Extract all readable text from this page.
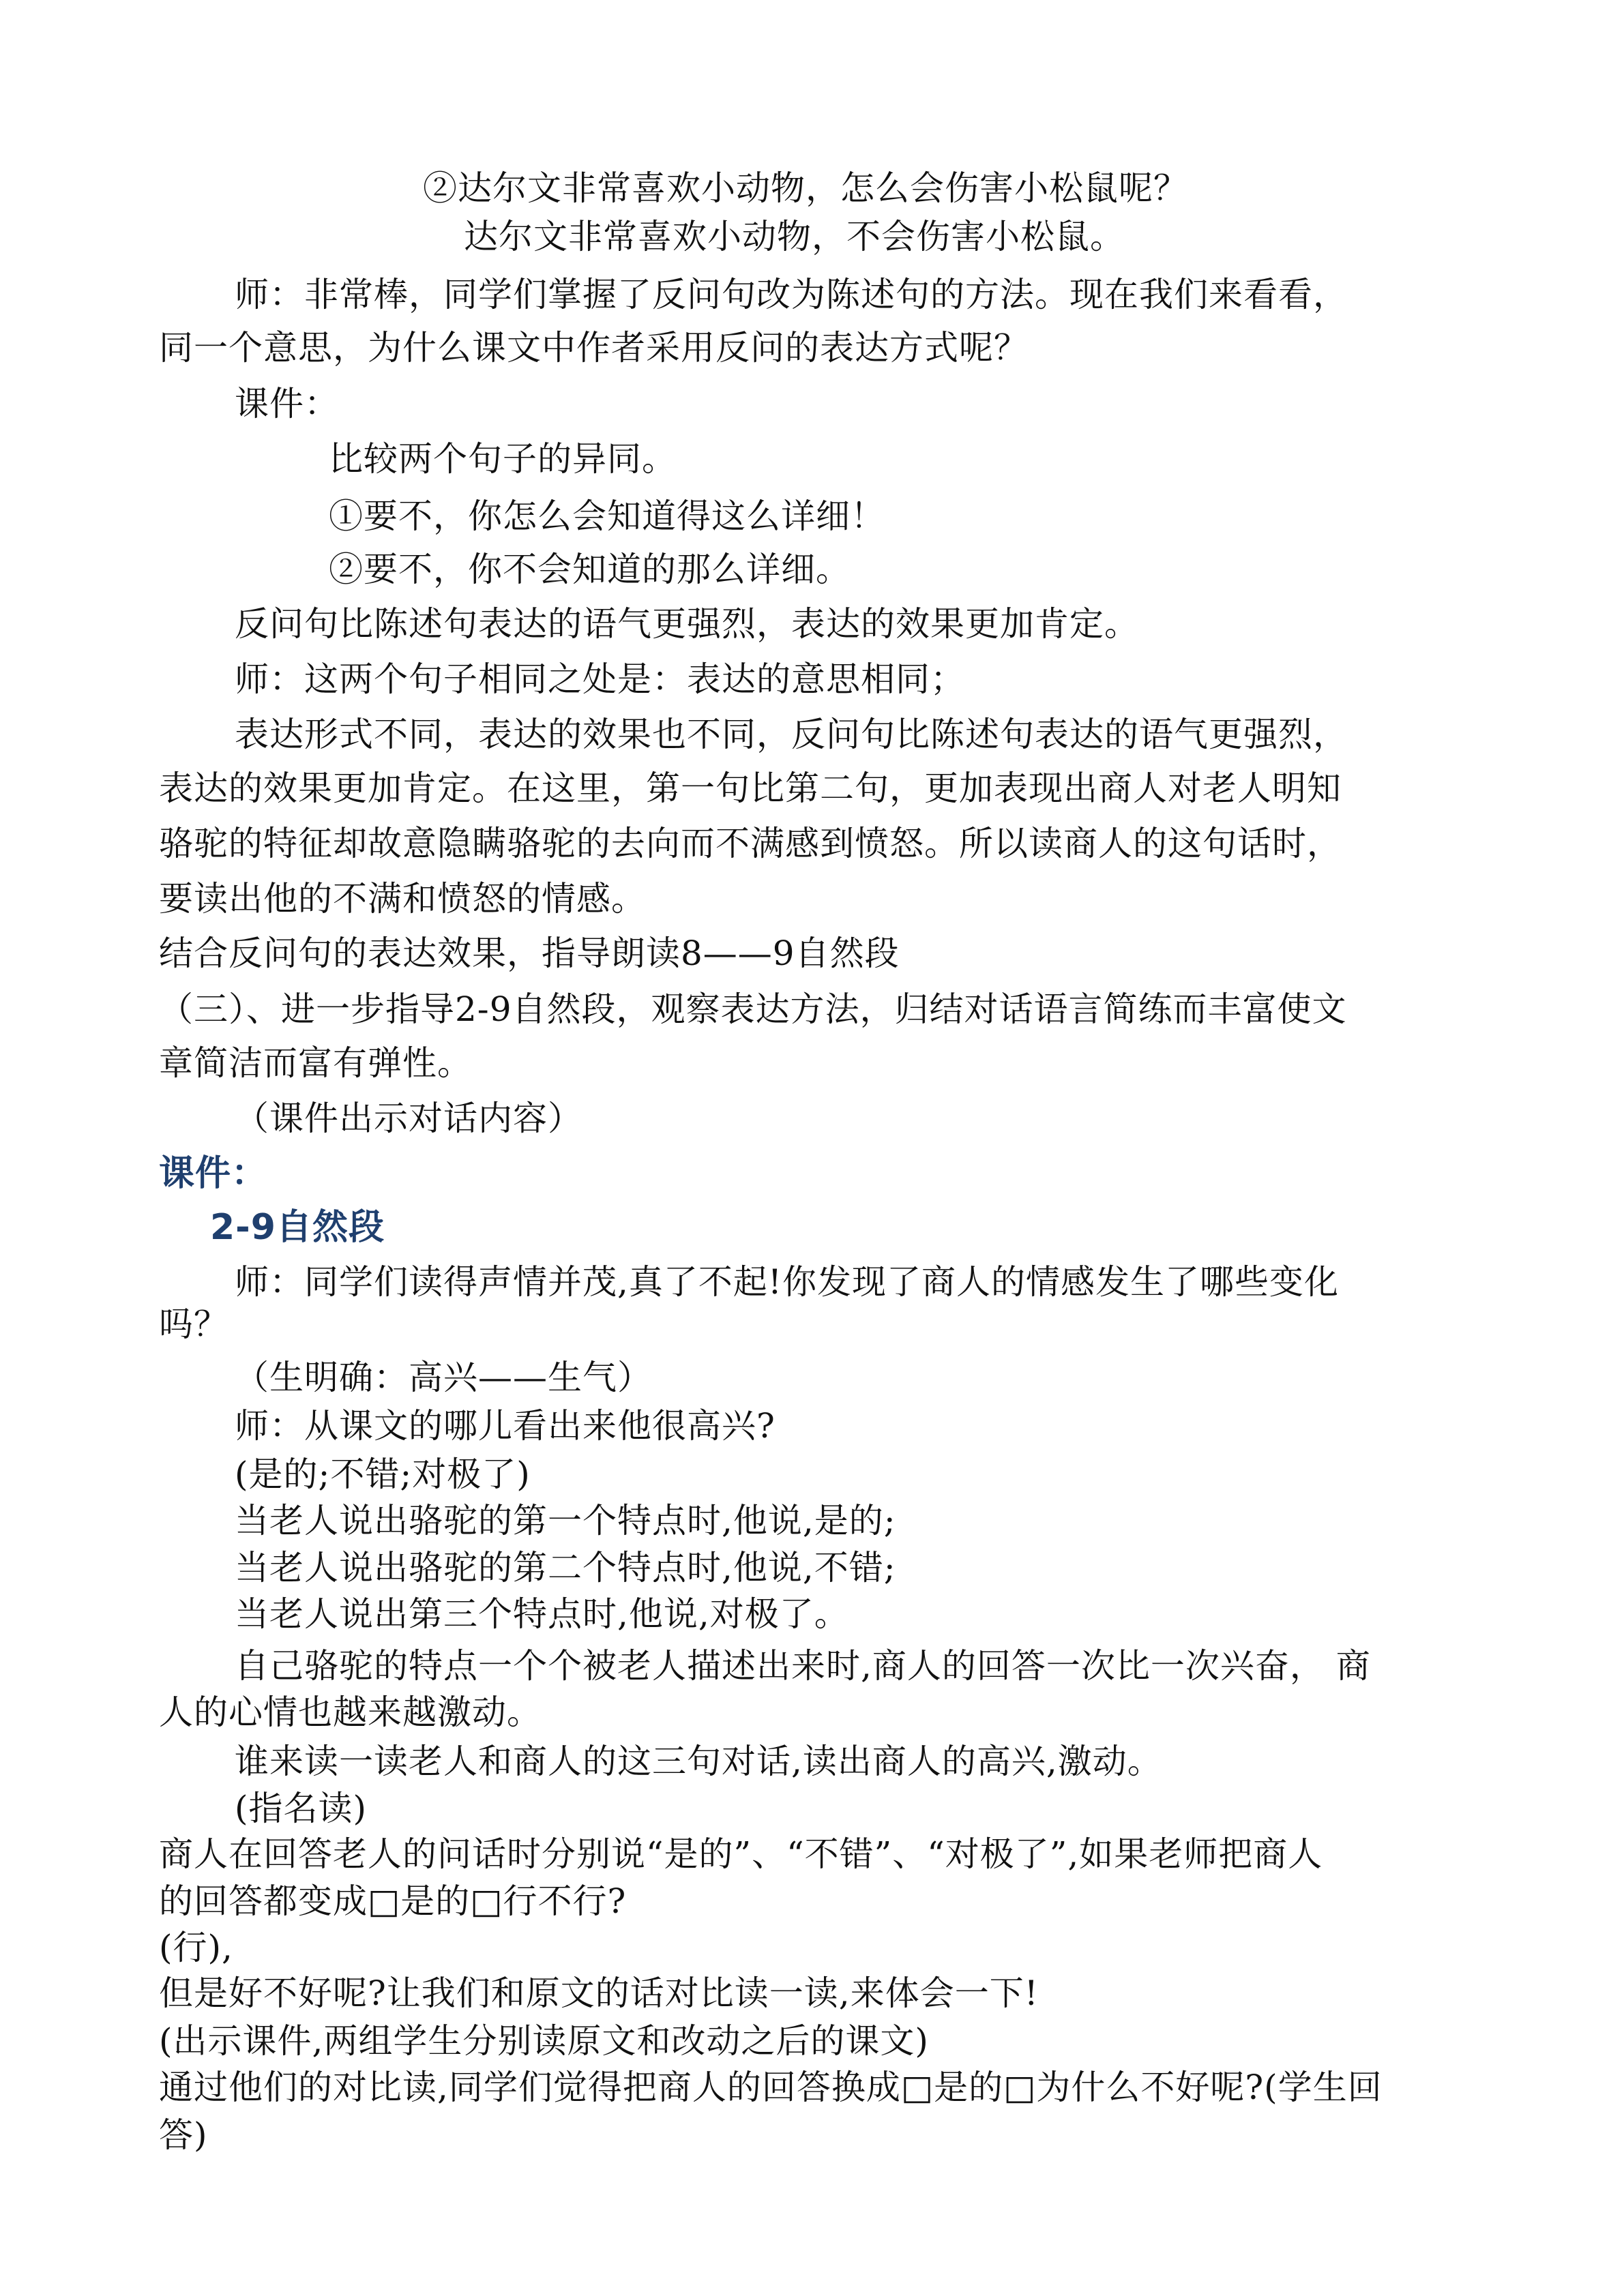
②达尔文非常喜欢小动物，怎么会伤害小松鼠呢？
达尔文非常喜欢小动物，不会伤害小松鼠。
师：非常棒，同学们掌握了反问句改为陈述句的方法。现在我们来看看，
同一个意思，为什么课文中作者采用反问的表达方式呢？
课件：
比较两个句子的异同。
①要不，你怎么会知道得这么详细！
②要不，你不会知道的那么详细。
反问句比陈述句表达的语气更强烈，表达的效果更加肯定。
师：这两个句子相同之处是：表达的意思相同；
表达形式不同，表达的效果也不同，反问句比陈述句表达的语气更强烈，
表达的效果更加肯定。在这里，第一句比第二句，更加表现出商人对老人明知
骆驼的特征却故意隐瞒骆驼的去向而不满感到愤怒。所以读商人的这句话时，
要读出他的不满和愤怒的情感。
结合反问句的表达效果，指导朗读8——9自然段
（三）、进一步指导2-9自然段，观察表达方法，归结对话语言简练而丰富使文
章简洁而富有弹性。
（课件出示对话内容）
课件：
2-9自然段
师：同学们读得声情并茂,真了不起!你发现了商人的情感发生了哪些变化
吗？
（生明确：高兴——生气）
师：从课文的哪儿看出来他很高兴?
(是的;不错;对极了)
当老人说出骆驼的第一个特点时,他说,是的;
当老人说出骆驼的第二个特点时,他说,不错;
当老人说出第三个特点时,他说,对极了。
自己骆驼的特点一个个被老人描述出来时,商人的回答一次比一次兴奋， 商
人的心情也越来越激动。
谁来读一读老人和商人的这三句对话,读出商人的高兴,激动。
(指名读)
商人在回答老人的问话时分别说“是的”、“不错”、“对极了”,如果老师把商人
的回答都变成□是的□行不行?
(行),
但是好不好呢?让我们和原文的话对比读一读,来体会一下!
(出示课件,两组学生分别读原文和改动之后的课文)
通过他们的对比读,同学们觉得把商人的回答换成□是的□为什么不好呢?(学生回
答)
